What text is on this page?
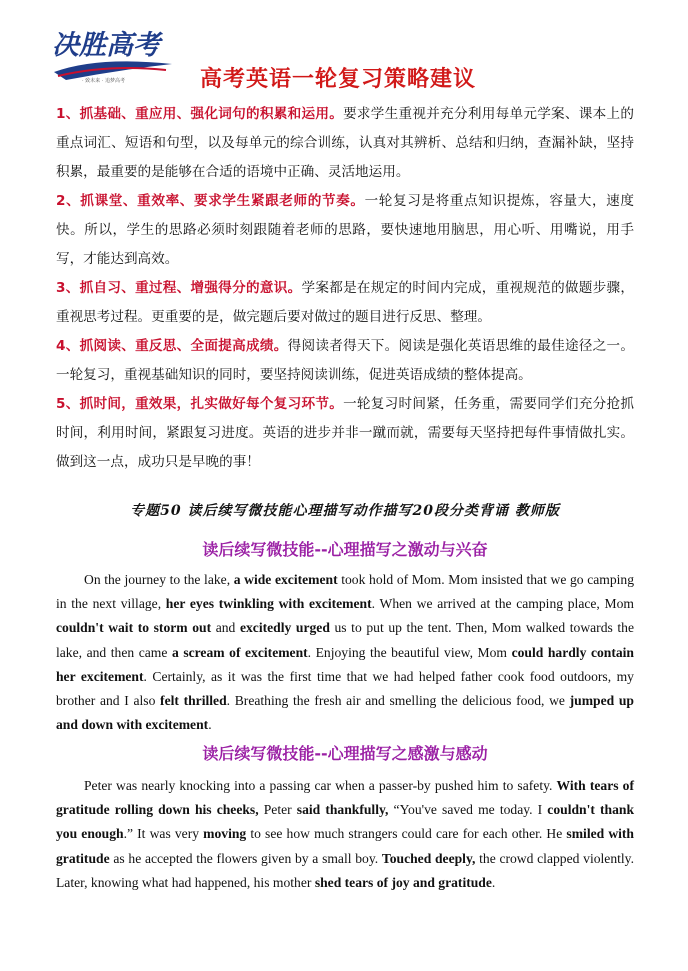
决胜高考
· 致未来 · 追梦高考	高考英语一轮复习策略建议

1、抓基础、重应用、强化词句的积累和运用。要求学生重视并充分利用每单元学案、课本上的重点词汇、短语和句型，以及每单元的综合训练，认真对其辨析、总结和归纳，查漏补缺，坚持积累，最重要的是能够在合适的语境中正确、灵活地运用。

2、抓课堂、重效率、要求学生紧跟老师的节奏。一轮复习是将重点知识提炼，容量大，速度快。所以，学生的思路必须时刻跟随着老师的思路，要快速地用脑思，用心听、用嘴说，用手写，才能达到高效。

3、抓自习、重过程、增强得分的意识。学案都是在规定的时间内完成，重视规范的做题步骤，重视思考过程。更重要的是，做完题后要对做过的题目进行反思、整理。

4、抓阅读、重反思、全面提高成绩。得阅读者得天下。阅读是强化英语思维的最佳途径之一。一轮复习，重视基础知识的同时，要坚持阅读训练，促进英语成绩的整体提高。

5、抓时间，重效果，扎实做好每个复习环节。一轮复习时间紧，任务重，需要同学们充分抢抓时间，利用时间，紧跟复习进度。英语的进步并非一蹴而就，需要每天坚持把每件事情做扎实。做到这一点，成功只是早晚的事！

专题50 读后续写微技能心理描写动作描写20段分类背诵 教师版
读后续写微技能--心理描写之激动与兴奋

On the journey to the lake, a wide excitement took hold of Mom. Mom insisted that we go camping in the next village, her eyes twinkling with excitement. When we arrived at the camping place, Mom couldn't wait to storm out and excitedly urged us to put up the tent. Then, Mom walked towards the lake, and then came a scream of excitement. Enjoying the beautiful view, Mom could hardly contain her excitement. Certainly, as it was the first time that we had helped father cook food outdoors, my brother and I also felt thrilled. Breathing the fresh air and smelling the delicious food, we jumped up and down with excitement.

读后续写微技能--心理描写之感激与感动

Peter was nearly knocking into a passing car when a passer-by pushed him to safety. With tears of gratitude rolling down his cheeks, Peter said thankfully, “You've saved me today. I couldn't thank you enough.” It was very moving to see how much strangers could care for each other. He smiled with gratitude as he accepted the flowers given by a small boy. Touched deeply, the crowd clapped violently. Later, knowing what had happened, his mother shed tears of joy and gratitude.
